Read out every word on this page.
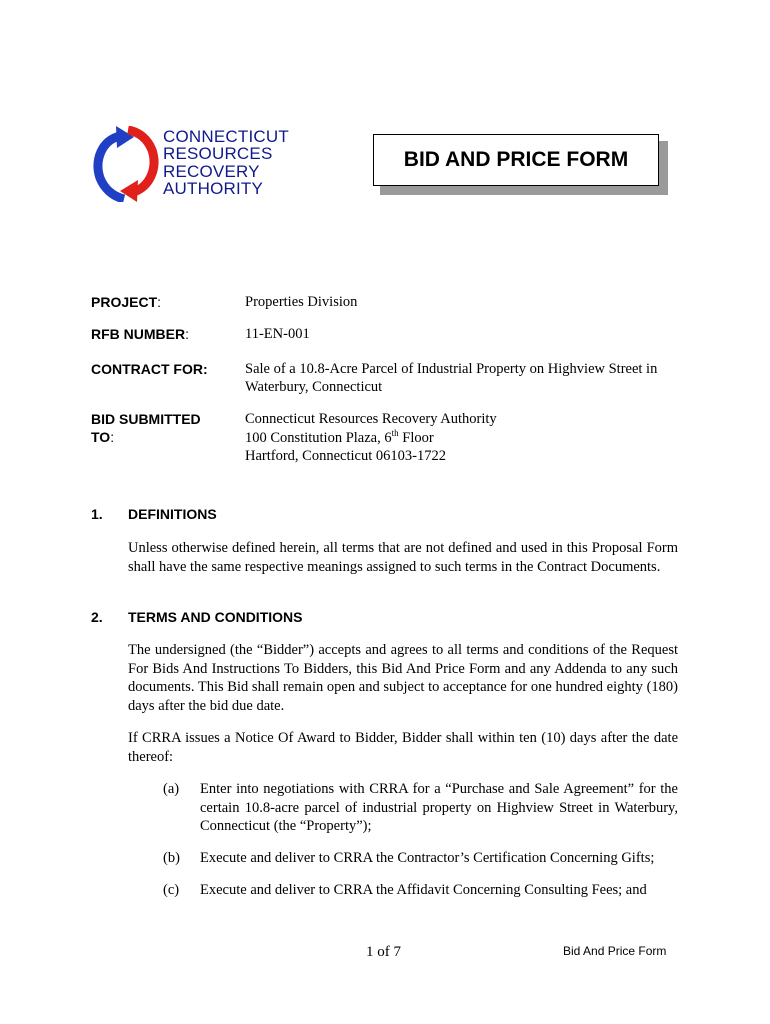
CONNECTICUT
RESOURCES
RECOVERY
AUTHORITY
BID AND PRICE FORM
PROJECT:	Properties Division
RFB NUMBER:	11-EN-001
CONTRACT FOR:	Sale of a 10.8-Acre Parcel of Industrial Property on Highview Street in
Waterbury, Connecticut
BID SUBMITTED
TO:
Connecticut Resources Recovery Authority
100 Constitution Plaza, 6th Floor
Hartford, Connecticut 06103-1722
1. DEFINITIONS
Unless otherwise defined herein, all terms that are not defined and used in this Proposal Form shall have the same respective meanings assigned to such terms in the Contract Documents.
2. TERMS AND CONDITIONS
The undersigned (the “Bidder”) accepts and agrees to all terms and conditions of the Request For Bids And Instructions To Bidders, this Bid And Price Form and any Addenda to any such documents. This Bid shall remain open and subject to acceptance for one hundred eighty (180) days after the bid due date.
If CRRA issues a Notice Of Award to Bidder, Bidder shall within ten (10) days after the date thereof:
(a) Enter into negotiations with CRRA for a “Purchase and Sale Agreement” for the certain 10.8-acre parcel of industrial property on Highview Street in Waterbury, Connecticut (the “Property”);
(b) Execute and deliver to CRRA the Contractor’s Certification Concerning Gifts;
(c) Execute and deliver to CRRA the Affidavit Concerning Consulting Fees; and
1 of 7	Bid And Price Form
